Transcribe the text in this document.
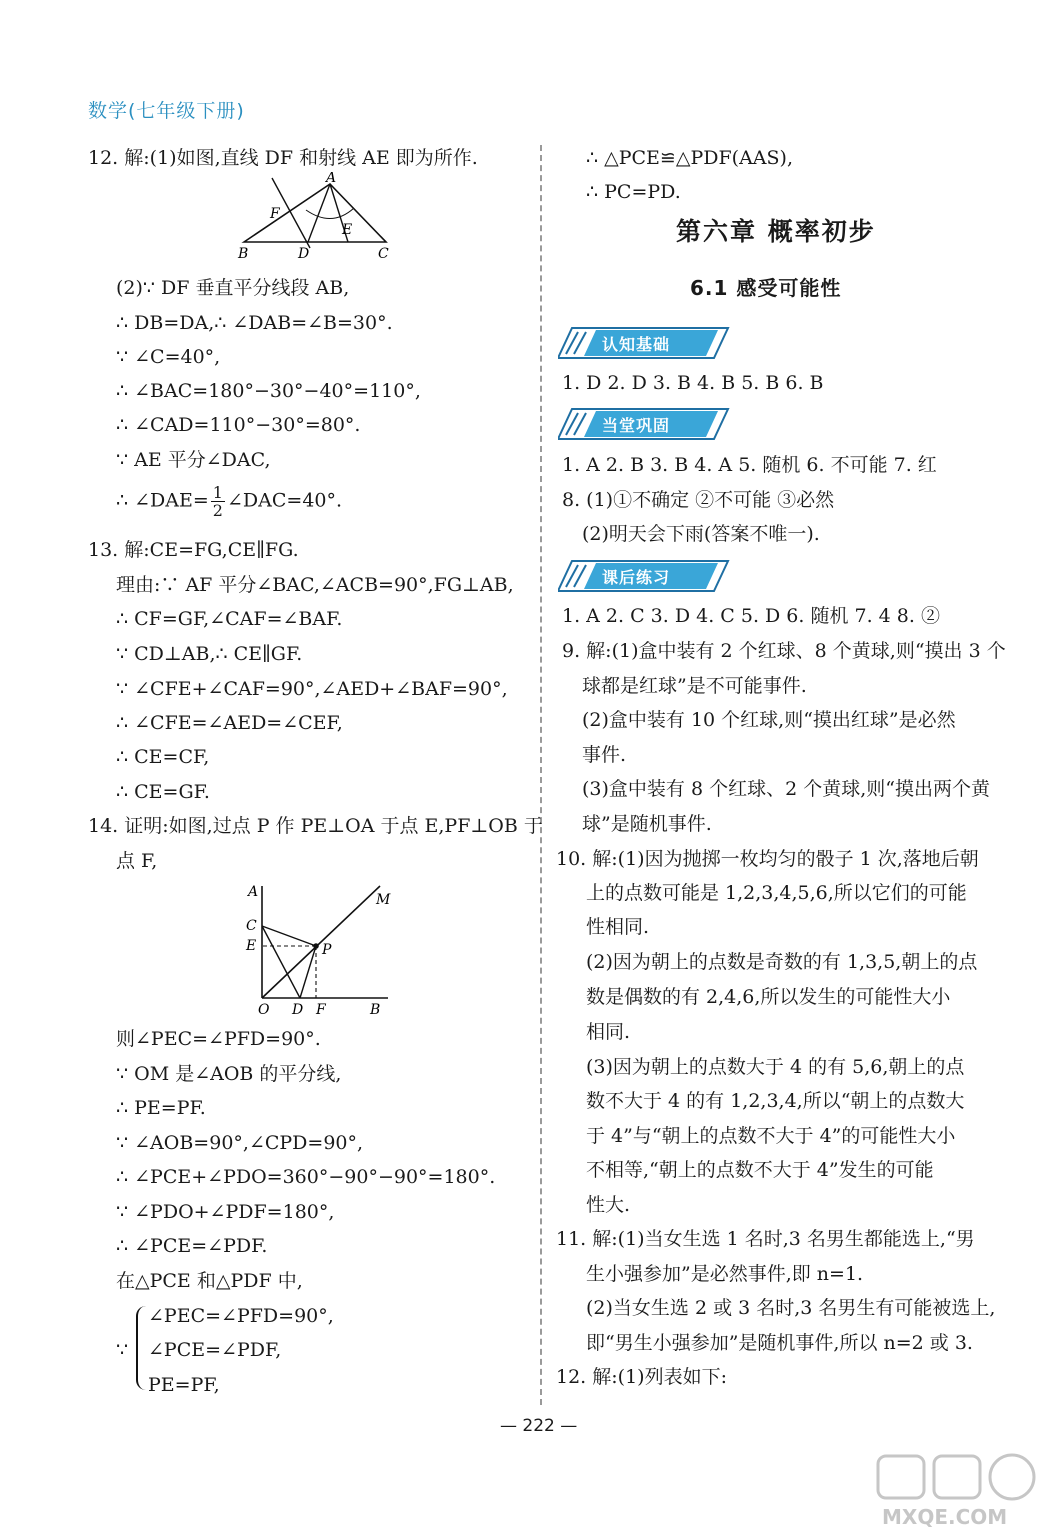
数学(七年级下册)
12. 解:(1)如图,直线 DF 和射线 AE 即为所作.
A
F
E
B	D	C
(2)∵ DF 垂直平分线段 AB,
∴ DB=DA,∴ ∠DAB=∠B=30°.
∵ ∠C=40°,
∴ ∠BAC=180°−30°−40°=110°,
∴ ∠CAD=110°−30°=80°.
∵ AE 平分∠DAC,
∴ ∠DAE= $\frac{1}{2}$ ∠DAC=40°.
13. 解:CE=FG,CE∥FG.
理由:∵ AF 平分∠BAC,∠ACB=90°,FG⊥AB,
∴ CF=GF,∠CAF=∠BAF.
∵ CD⊥AB,∴ CE∥GF.
∵ ∠CFE+∠CAF=90°,∠AED+∠BAF=90°,
∴ ∠CFE=∠AED=∠CEF,
∴ CE=CF,
∴ CE=GF.
14. 证明:如图,过点 P 作 PE⊥OA 于点 E,PF⊥OB 于
点 F,
A	M
C
E	P
O D F	B
则∠PEC=∠PFD=90°.
∵ OM 是∠AOB 的平分线,
∴ PE=PF.
∵ ∠AOB=90°,∠CPD=90°,
∴ ∠PCE+∠PDO=360°−90°−90°=180°.
∵ ∠PDO+∠PDF=180°,
∴ ∠PCE=∠PDF.
在△PCE 和△PDF 中,
∵
∠PEC=∠PFD=90°,
∠PCE=∠PDF,
PE=PF,
∴ △PCE≌△PDF(AAS),
∴ PC=PD.
第六章 概率初步
6.1 感受可能性
认知基础
1. D 2. D 3. B 4. B 5. B 6. B
当堂巩固
1. A 2. B 3. B 4. A 5. 随机 6. 不可能 7. 红
8. (1)①不确定 ②不可能 ③必然
(2)明天会下雨(答案不唯一).
课后练习
1. A 2. C 3. D 4. C 5. D 6. 随机 7. 4 8. ②
9. 解:(1)盒中装有 2 个红球、8 个黄球,则“摸出 3 个
球都是红球”是不可能事件.
(2)盒中装有 10 个红球,则“摸出红球”是必然
事件.
(3)盒中装有 8 个红球、2 个黄球,则“摸出两个黄
球”是随机事件.
10. 解:(1)因为抛掷一枚均匀的骰子 1 次,落地后朝
上的点数可能是 1,2,3,4,5,6,所以它们的可能
性相同.
(2)因为朝上的点数是奇数的有 1,3,5,朝上的点
数是偶数的有 2,4,6,所以发生的可能性大小
相同.
(3)因为朝上的点数大于 4 的有 5,6,朝上的点
数不大于 4 的有 1,2,3,4,所以“朝上的点数大
于 4”与“朝上的点数不大于 4”的可能性大小
不相等,“朝上的点数不大于 4”发生的可能
性大.
11. 解:(1)当女生选 1 名时,3 名男生都能选上,“男
生小强参加”是必然事件,即 n=1.
(2)当女生选 2 或 3 名时,3 名男生有可能被选上,
即“男生小强参加”是随机事件,所以 n=2 或 3.
12. 解:(1)列表如下:
— 222 —
MXQE.COM
